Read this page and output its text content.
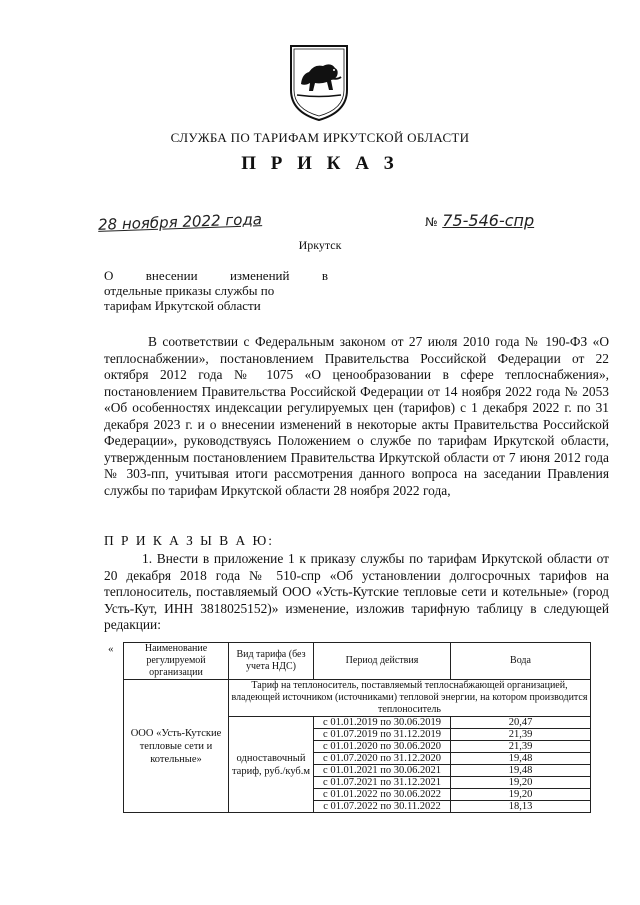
СЛУЖБА ПО ТАРИФАМ ИРКУТСКОЙ ОБЛАСТИ
П Р И К А З
28 ноября 2022 года	№ 75-546-спр
Иркутск
О внесении изменений в
отдельные приказы службы по
тарифам Иркутской области
В соответствии с Федеральным законом от 27 июля 2010 года № 190-ФЗ «О теплоснабжении», постановлением Правительства Российской Федерации от 22 октября 2012 года № 1075 «О ценообразовании в сфере теплоснабжения», постановлением Правительства Российской Федерации от 14 ноября 2022 года № 2053 «Об особенностях индексации регулируемых цен (тарифов) с 1 декабря 2022 г. по 31 декабря 2023 г. и о внесении изменений в некоторые акты Правительства Российской Федерации», руководствуясь Положением о службе по тарифам Иркутской области, утвержденным постановлением Правительства Иркутской области от 7 июня 2012 года № 303-пп, учитывая итоги рассмотрения данного вопроса на заседании Правления службы по тарифам Иркутской области 28 ноября 2022 года,
П Р И К А З Ы В А Ю:
1. Внести в приложение 1 к приказу службы по тарифам Иркутской области от 20 декабря 2018 года № 510-спр «Об установлении долгосрочных тарифов на теплоноситель, поставляемый ООО «Усть-Кутские тепловые сети и котельные» (город Усть-Кут, ИНН 3818025152)» изменение, изложив тарифную таблицу в следующей редакции:
«	Наименование регулируемой организации	Вид тарифа (без учета НДС)	Период действия	Вода
ООО «Усть-Кутские тепловые сети и котельные»	Тариф на теплоноситель, поставляемый теплоснабжающей организацией, владеющей источником (источниками) тепловой энергии, на котором производится теплоноситель		
	одноставочный тариф, руб./куб.м	с 01.01.2019 по 30.06.2019	20,47
		с 01.07.2019 по 31.12.2019	21,39
		с 01.01.2020 по 30.06.2020	21,39
		с 01.07.2020 по 31.12.2020	19,48
		с 01.01.2021 по 30.06.2021	19,48
		с 01.07.2021 по 31.12.2021	19,20
		с 01.01.2022 по 30.06.2022	19,20
		с 01.07.2022 по 30.11.2022	18,13
